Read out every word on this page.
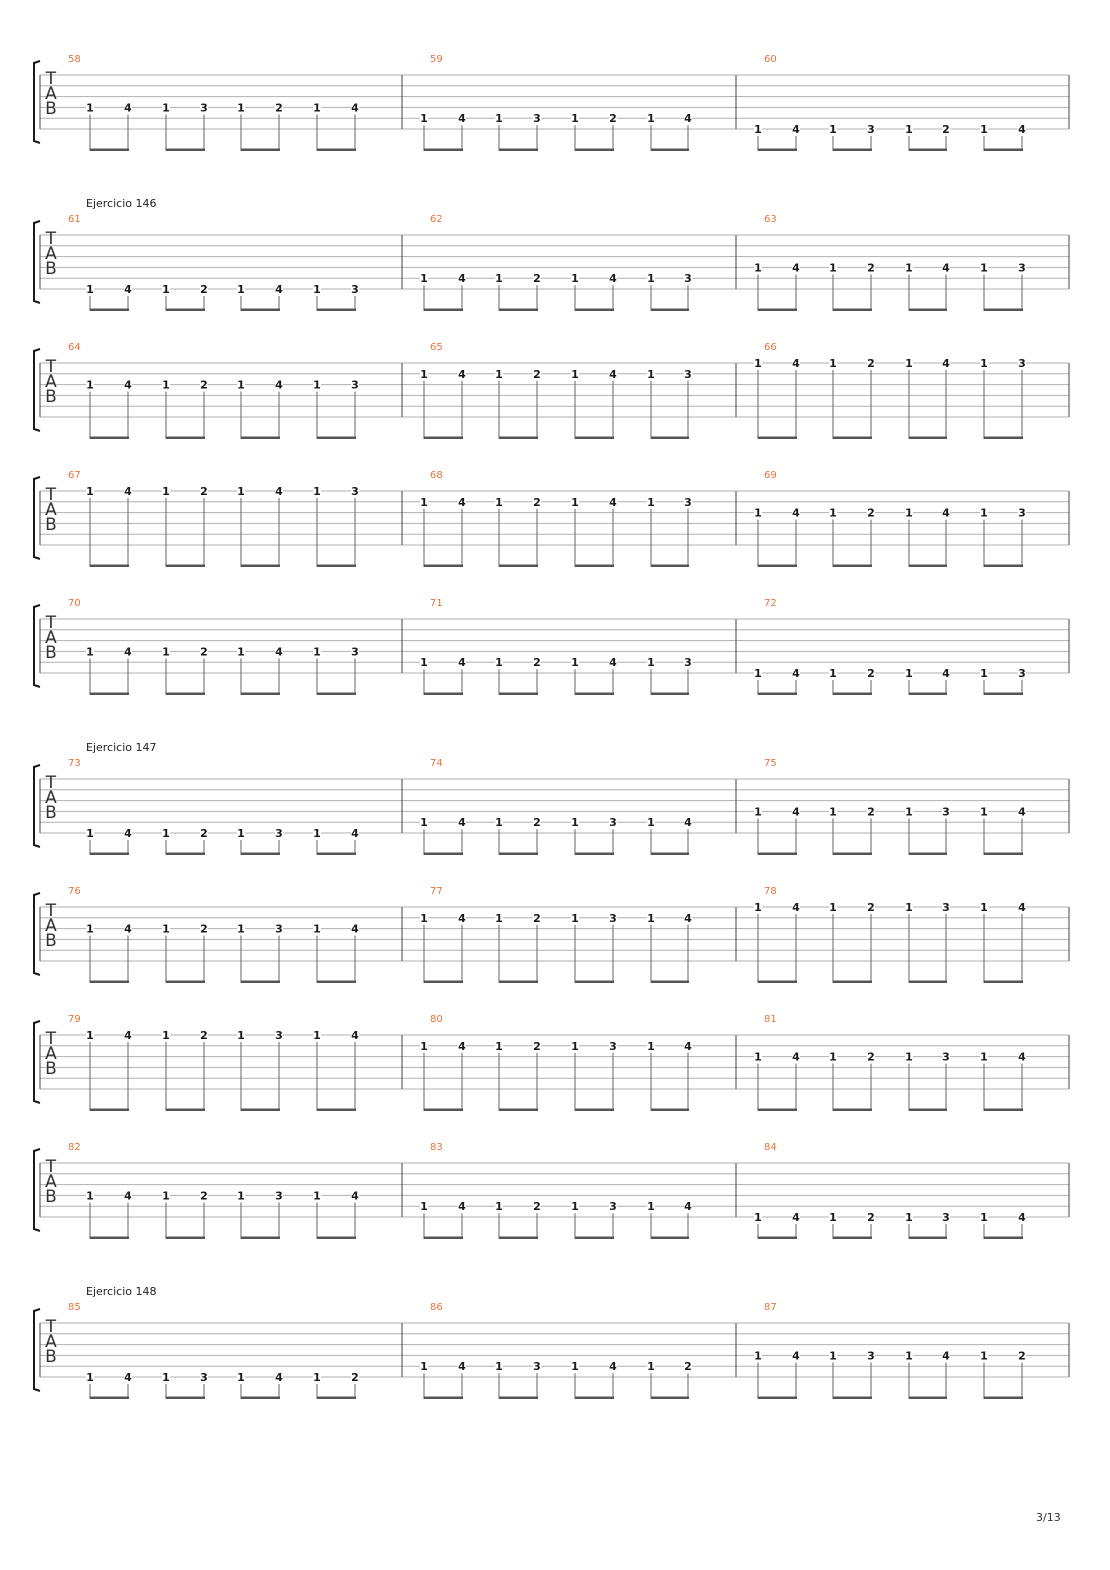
T
A
B
58
1	4	1	3	1	2	1	4
59
1	4	1	3	1	2	1	4
60
1	4	1	3	1	2	1	4
T
A
B
Ejercicio 146
61
1	4	1	2	1	4	1	3
62
1	4	1	2	1	4	1	3
63
1	4	1	2	1	4	1	3
T
A
B
64
1	4	1	2	1	4	1	3
65
1	4	1	2	1	4	1	3
66
1	4	1	2	1	4	1	3
T
A
B
67
1	4	1	2	1	4	1	3
68
1	4	1	2	1	4	1	3
69
1	4	1	2	1	4	1	3
T
A
B
70
1	4	1	2	1	4	1	3
71
1	4	1	2	1	4	1	3
72
1	4	1	2	1	4	1	3
T
A
B
Ejercicio 147
73
1	4	1	2	1	3	1	4
74
1	4	1	2	1	3	1	4
75
1	4	1	2	1	3	1	4
T
A
B
76
1	4	1	2	1	3	1	4
77
1	4	1	2	1	3	1	4
78
1	4	1	2	1	3	1	4
T
A
B
79
1	4	1	2	1	3	1	4
80
1	4	1	2	1	3	1	4
81
1	4	1	2	1	3	1	4
T
A
B
82
1	4	1	2	1	3	1	4
83
1	4	1	2	1	3	1	4
84
1	4	1	2	1	3	1	4
T
A
B
Ejercicio 148
85
1	4	1	3	1	4	1	2
86
1	4	1	3	1	4	1	2
87
1	4	1	3	1	4	1	2
3/13
